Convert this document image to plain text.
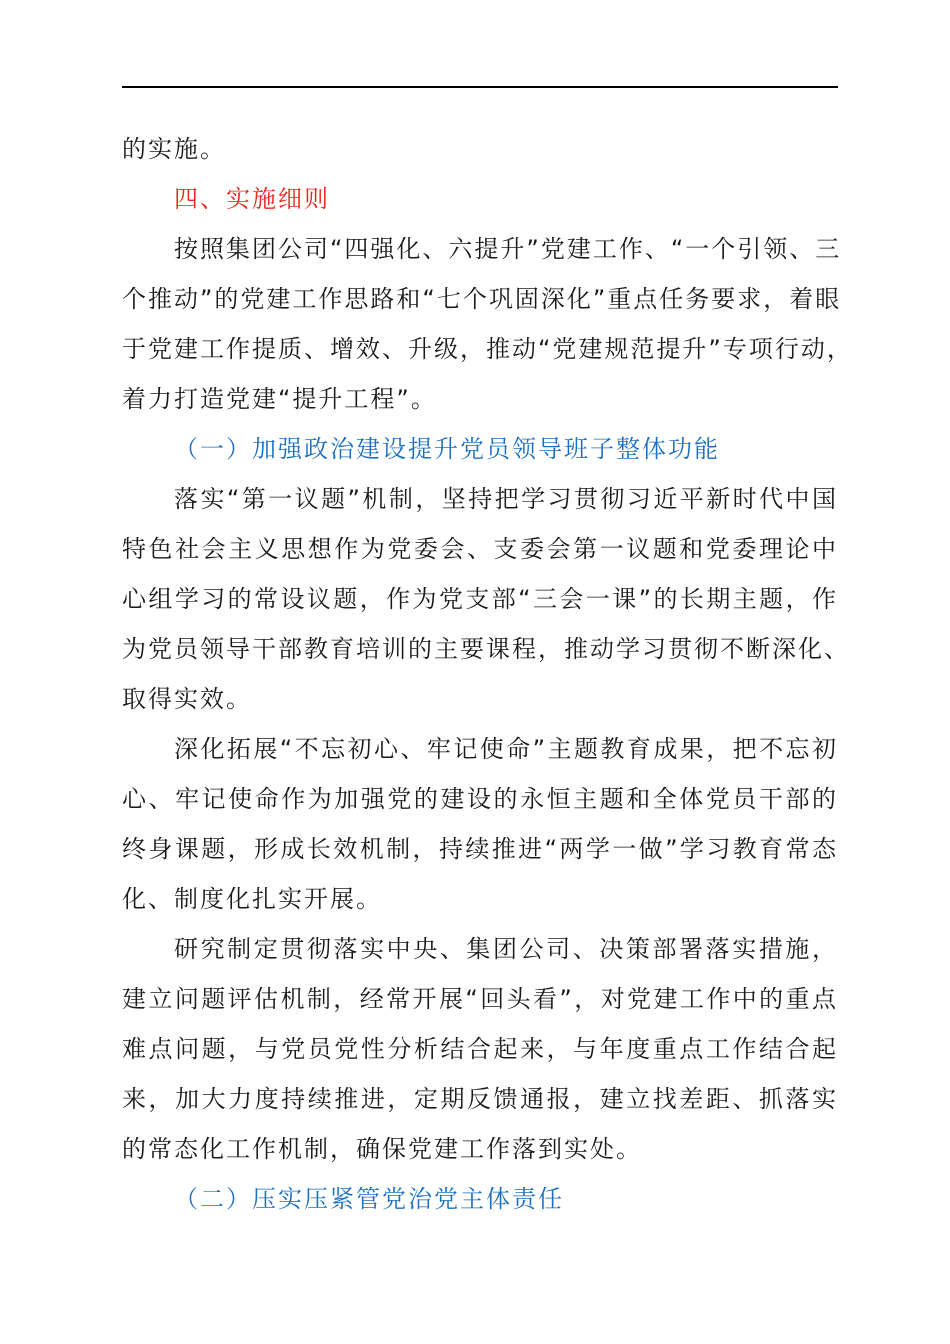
的实施。
四、实施细则
按照集团公司“四强化、六提升”党建工作、“一个引领、三
个推动”的党建工作思路和“七个巩固深化”重点任务要求，着眼
于党建工作提质、增效、升级，推动“党建规范提升”专项行动，
着力打造党建“提升工程”。
（一）加强政治建设提升党员领导班子整体功能
落实“第一议题”机制，坚持把学习贯彻习近平新时代中国
特色社会主义思想作为党委会、支委会第一议题和党委理论中
心组学习的常设议题，作为党支部“三会一课”的长期主题，作
为党员领导干部教育培训的主要课程，推动学习贯彻不断深化、
取得实效。
深化拓展“不忘初心、牢记使命”主题教育成果，把不忘初
心、牢记使命作为加强党的建设的永恒主题和全体党员干部的
终身课题，形成长效机制，持续推进“两学一做”学习教育常态
化、制度化扎实开展。
研究制定贯彻落实中央、集团公司、决策部署落实措施，
建立问题评估机制，经常开展“回头看”，对党建工作中的重点
难点问题，与党员党性分析结合起来，与年度重点工作结合起
来，加大力度持续推进，定期反馈通报，建立找差距、抓落实
的常态化工作机制，确保党建工作落到实处。
（二）压实压紧管党治党主体责任
